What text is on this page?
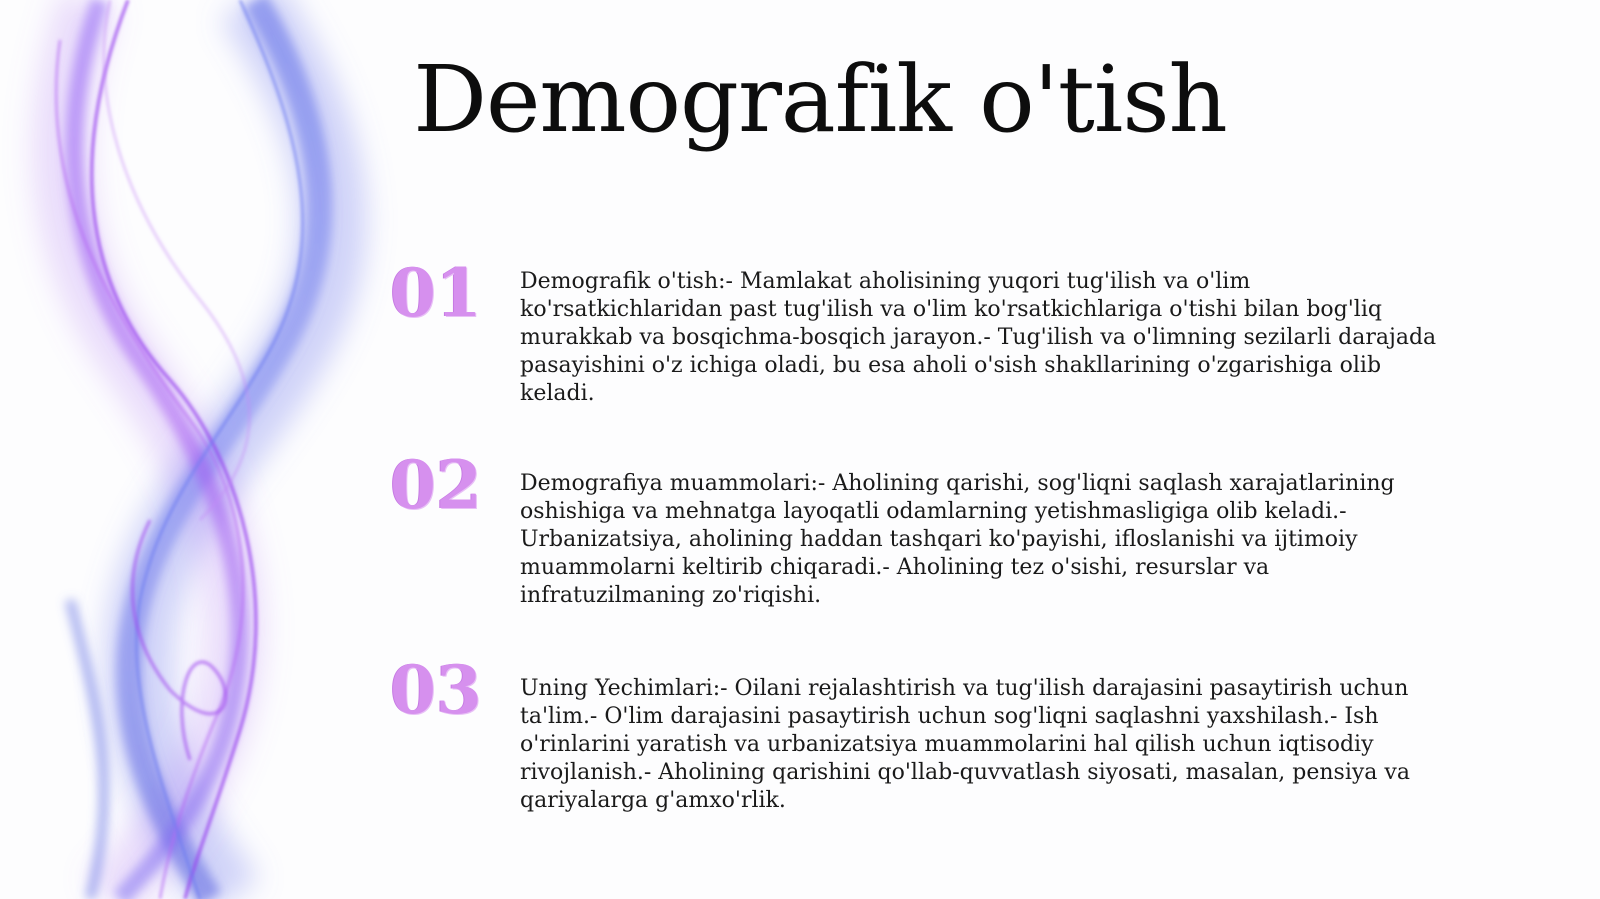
Demografik o'tish
01	Demografik o'tish:- Mamlakat aholisining yuqori tug'ilish va o'lim ko'rsatkichlaridan past tug'ilish va o'lim ko'rsatkichlariga o'tishi bilan bog'liq murakkab va bosqichma-bosqich jarayon.- Tug'ilish va o'limning sezilarli darajada pasayishini o'z ichiga oladi, bu esa aholi o'sish shakllarining o'zgarishiga olib keladi.
02	Demografiya muammolari:- Aholining qarishi, sog'liqni saqlash xarajatlarining oshishiga va mehnatga layoqatli odamlarning yetishmasligiga olib keladi.- Urbanizatsiya, aholining haddan tashqari ko'payishi, ifloslanishi va ijtimoiy muammolarni keltirib chiqaradi.- Aholining tez o'sishi, resurslar va infratuzilmaning zo'riqishi.
03	Uning Yechimlari:- Oilani rejalashtirish va tug'ilish darajasini pasaytirish uchun ta'lim.- O'lim darajasini pasaytirish uchun sog'liqni saqlashni yaxshilash.- Ish o'rinlarini yaratish va urbanizatsiya muammolarini hal qilish uchun iqtisodiy rivojlanish.- Aholining qarishini qo'llab-quvvatlash siyosati, masalan, pensiya va qariyalarga g'amxo'rlik.
